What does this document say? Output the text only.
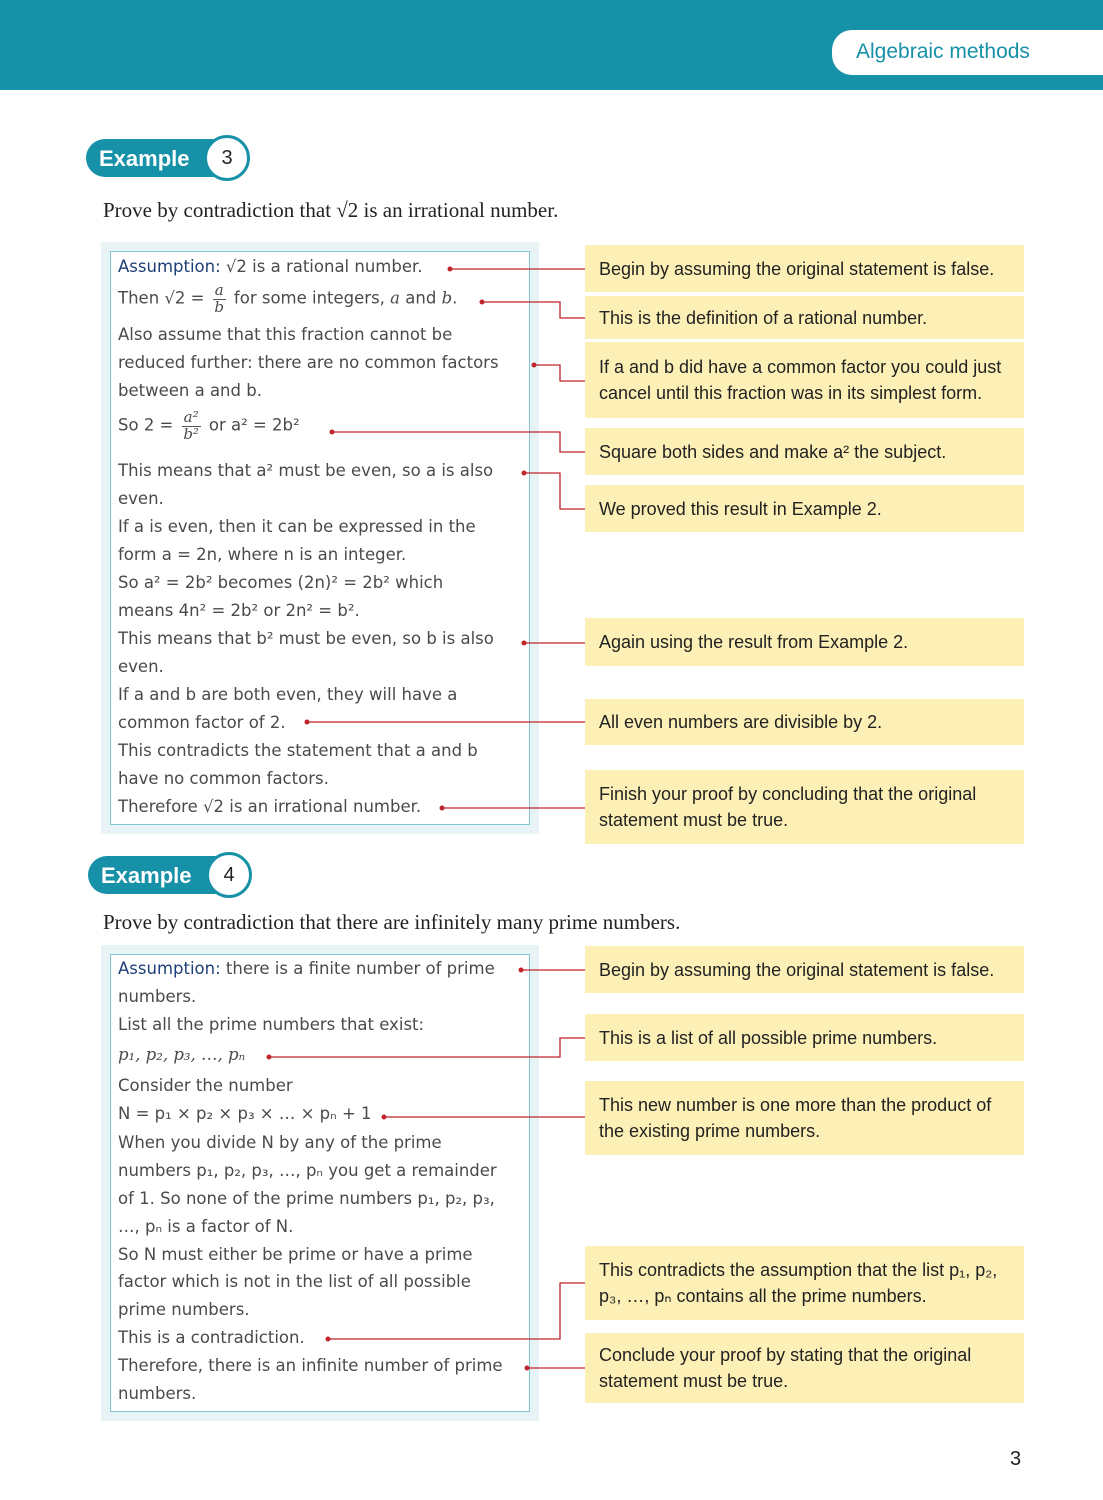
Algebraic methods
Example	3
Prove by contradiction that √2 is an irrational number.
Assumption: √2 is a rational number.
Then $√2 = \frac{a}{b}$ for some integers, a and b.
Also assume that this fraction cannot be
reduced further: there are no common factors
between a and b.
So $2 = \frac{\text{a²}}{\text{b²}}$ or a² = 2b²
This means that a² must be even, so a is also
even.
If a is even, then it can be expressed in the
form a = 2n, where n is an integer.
So a² = 2b² becomes (2n)² = 2b² which
means 4n² = 2b² or 2n² = b².
This means that b² must be even, so b is also
even.
If a and b are both even, they will have a
common factor of 2.
This contradicts the statement that a and b
have no common factors.
Therefore √2 is an irrational number.
Begin by assuming the original statement is false.
This is the definition of a rational number.
If a and b did have a common factor you could just cancel until this fraction was in its simplest form.
Square both sides and make a² the subject.
We proved this result in Example 2.
Again using the result from Example 2.
All even numbers are divisible by 2.
Finish your proof by concluding that the original statement must be true.
Example	4
Prove by contradiction that there are infinitely many prime numbers.
Assumption: there is a finite number of prime
numbers.
List all the prime numbers that exist:
p₁, p₂, p₃, …, pₙ
Consider the number
N = p₁ × p₂ × p₃ × … × pₙ + 1
When you divide N by any of the prime
numbers p₁, p₂, p₃, …, pₙ you get a remainder
of 1. So none of the prime numbers p₁, p₂, p₃,
…, pₙ is a factor of N.
So N must either be prime or have a prime
factor which is not in the list of all possible
prime numbers.
This is a contradiction.
Therefore, there is an infinite number of prime
numbers.
Begin by assuming the original statement is false.
This is a list of all possible prime numbers.
This new number is one more than the product of the existing prime numbers.
This contradicts the assumption that the list p₁, p₂, p₃, …, pₙ contains all the prime numbers.
Conclude your proof by stating that the original statement must be true.
3
